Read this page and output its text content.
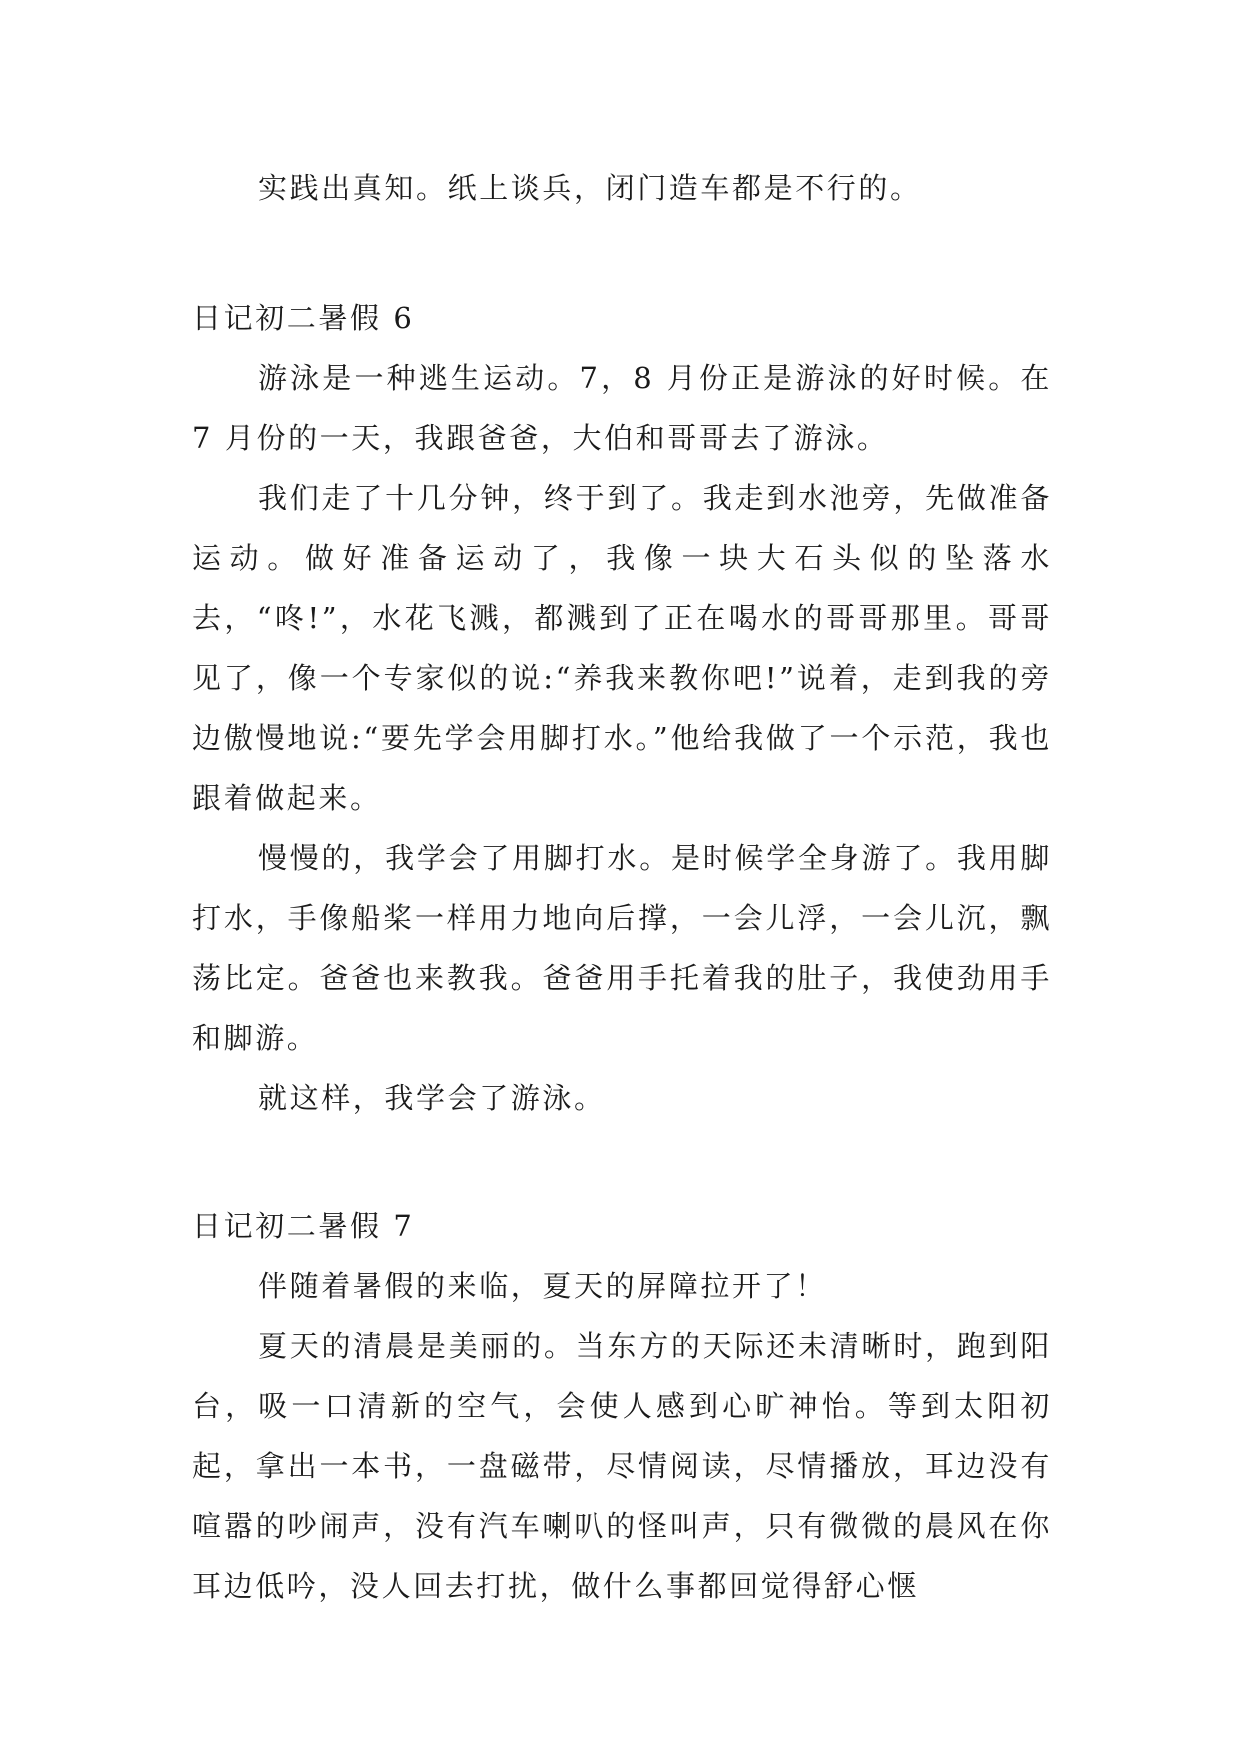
实践出真知。纸上谈兵，闭门造车都是不行的。

日记初二暑假 6

游泳是一种逃生运动。7，8 月份正是游泳的好时候。在 7 月份的一天，我跟爸爸，大伯和哥哥去了游泳。

我们走了十几分钟，终于到了。我走到水池旁，先做准备运动。做好准备运动了，我像一块大石头似的坠落水去，“咚!”，水花飞溅，都溅到了正在喝水的哥哥那里。哥哥见了，像一个专家似的说:“养我来教你吧!”说着，走到我的旁边傲慢地说:“要先学会用脚打水。”他给我做了一个示范，我也跟着做起来。

慢慢的，我学会了用脚打水。是时候学全身游了。我用脚打水，手像船桨一样用力地向后撑，一会儿浮，一会儿沉，飘荡比定。爸爸也来教我。爸爸用手托着我的肚子，我使劲用手和脚游。

就这样，我学会了游泳。

日记初二暑假 7

伴随着暑假的来临，夏天的屏障拉开了！

夏天的清晨是美丽的。当东方的天际还未清晰时，跑到阳台，吸一口清新的空气，会使人感到心旷神怡。等到太阳初起，拿出一本书，一盘磁带，尽情阅读，尽情播放，耳边没有喧嚣的吵闹声，没有汽车喇叭的怪叫声，只有微微的晨风在你耳边低吟，没人回去打扰，做什么事都回觉得舒心惬
